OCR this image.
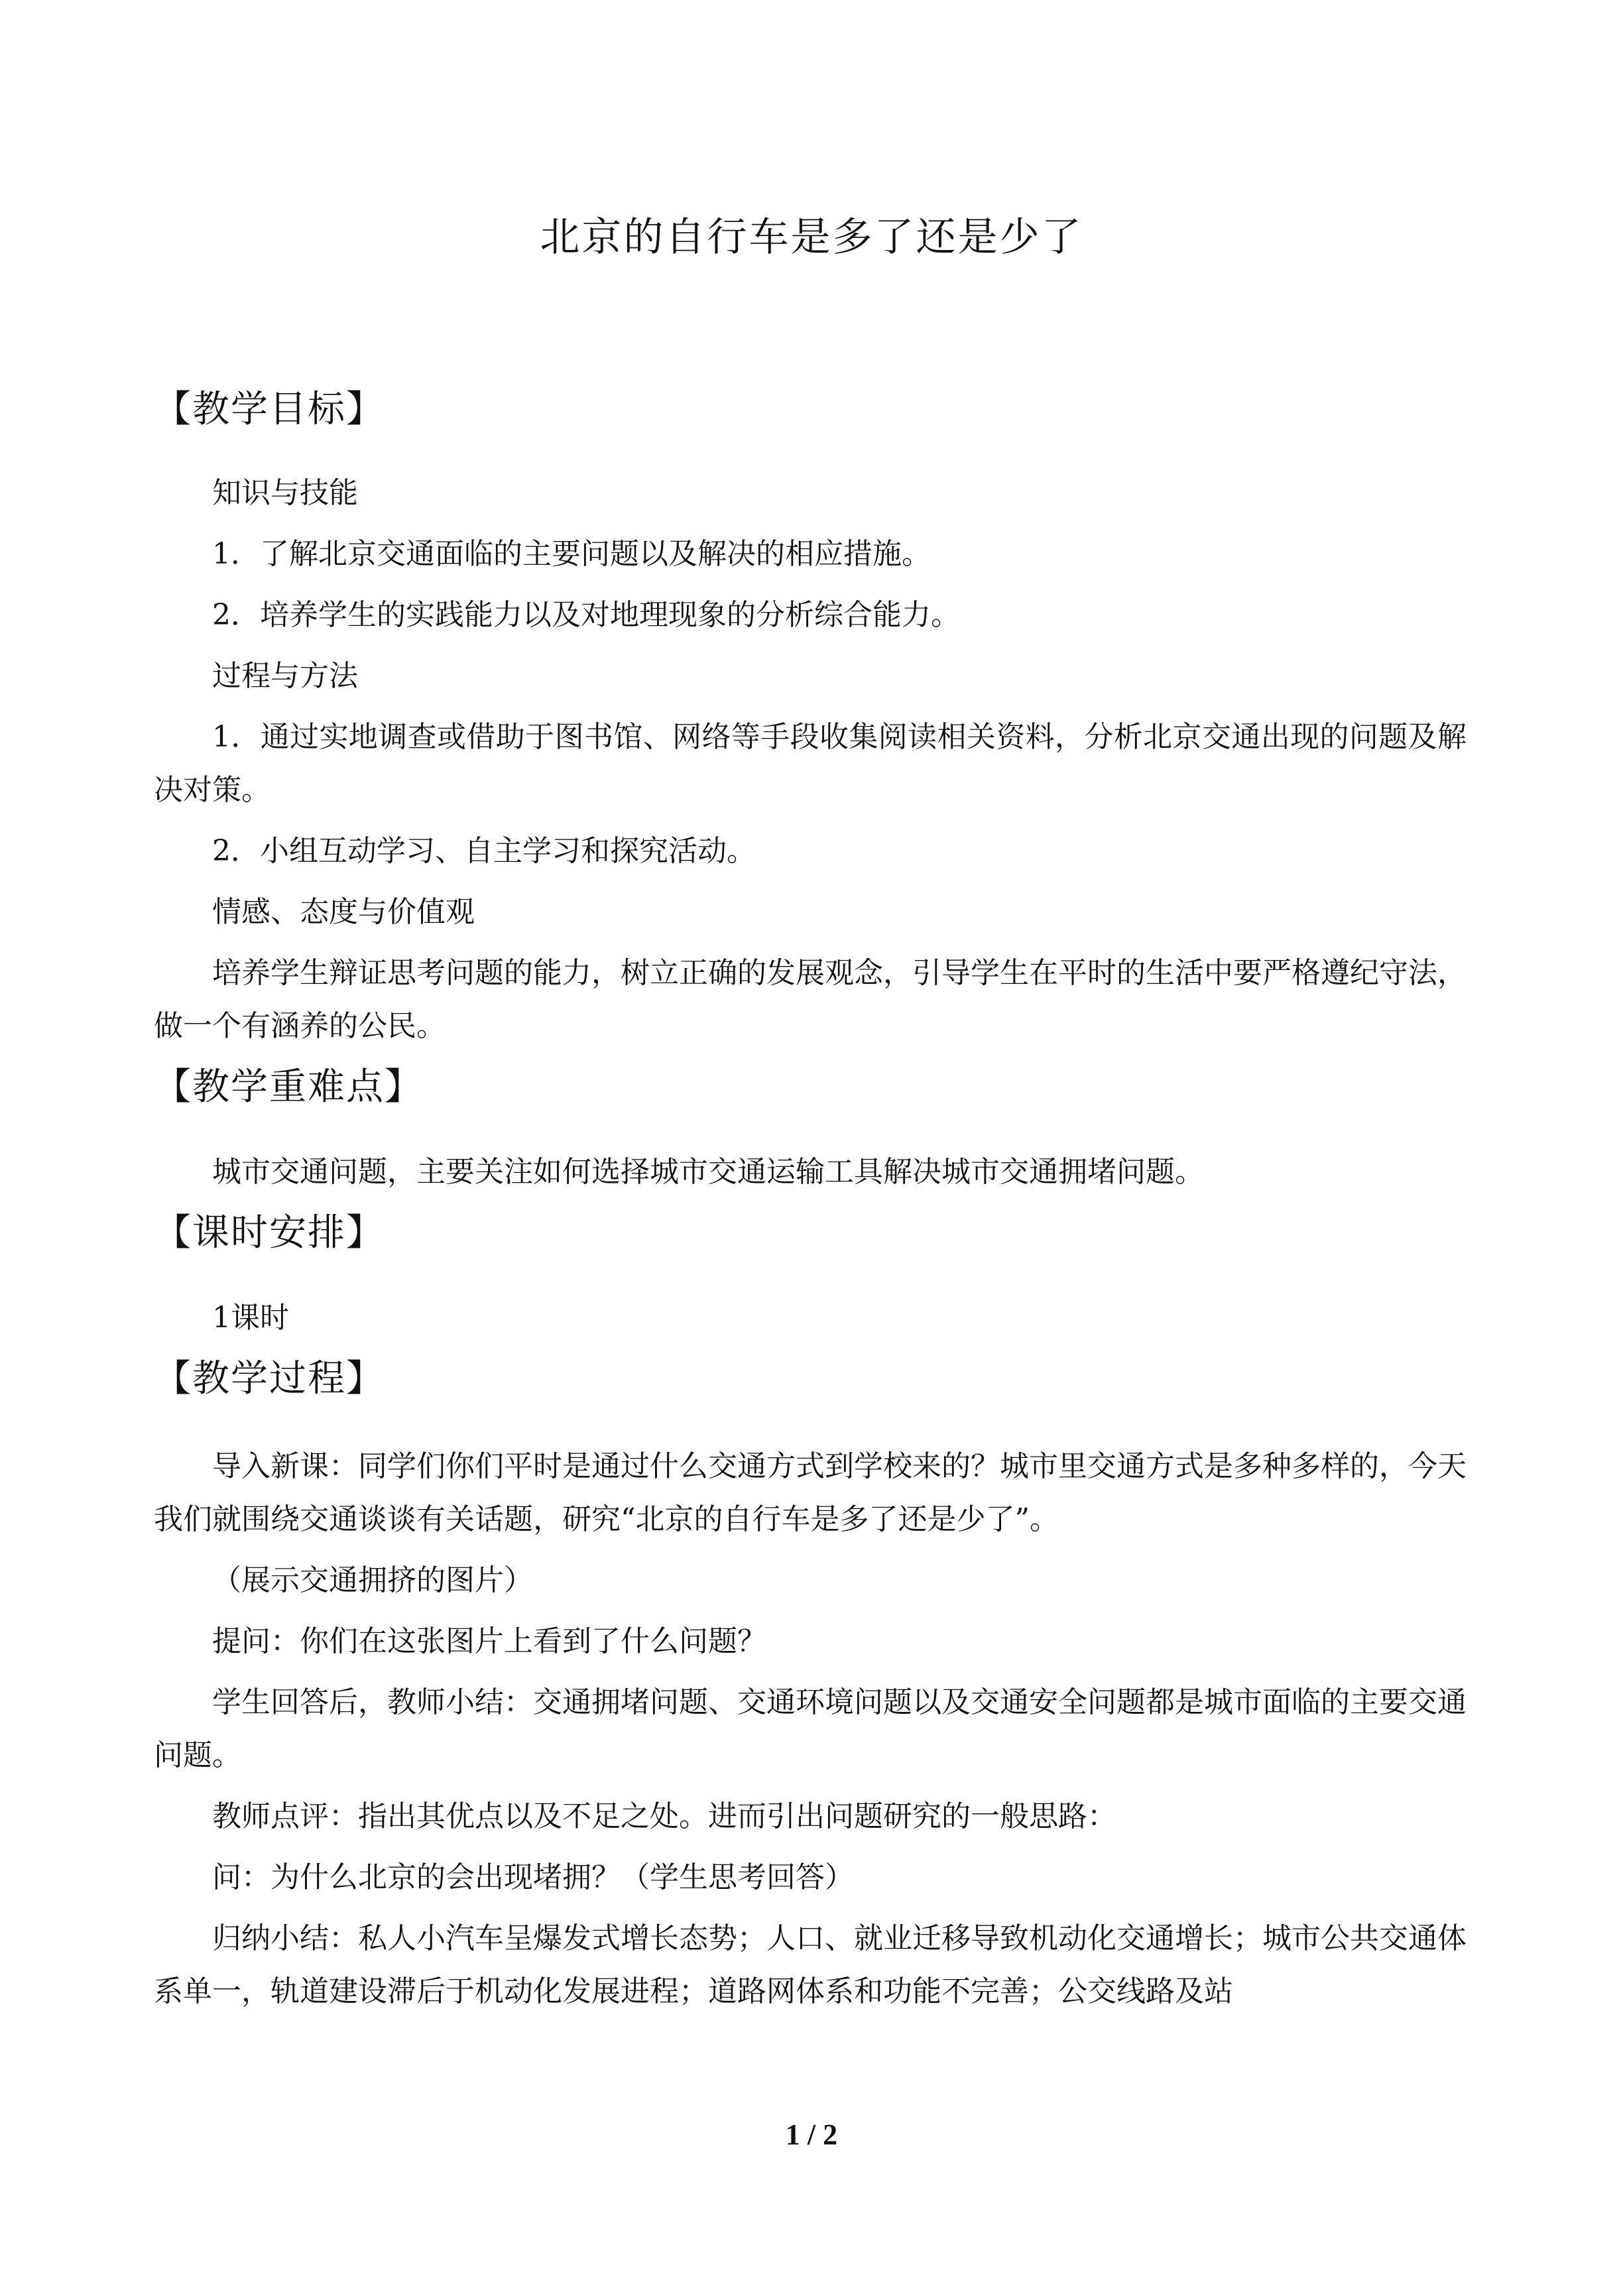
北京的自行车是多了还是少了
【教学目标】

知识与技能

1．了解北京交通面临的主要问题以及解决的相应措施。

2．培养学生的实践能力以及对地理现象的分析综合能力。

过程与方法

1．通过实地调查或借助于图书馆、网络等手段收集阅读相关资料，分析北京交通出现的问题及解决对策。

2．小组互动学习、自主学习和探究活动。

情感、态度与价值观

培养学生辩证思考问题的能力，树立正确的发展观念，引导学生在平时的生活中要严格遵纪守法，做一个有涵养的公民。

【教学重难点】

城市交通问题，主要关注如何选择城市交通运输工具解决城市交通拥堵问题。

【课时安排】

1课时

【教学过程】

导入新课：同学们你们平时是通过什么交通方式到学校来的？城市里交通方式是多种多样的，今天我们就围绕交通谈谈有关话题，研究“北京的自行车是多了还是少了”。

（展示交通拥挤的图片）

提问：你们在这张图片上看到了什么问题？

学生回答后，教师小结：交通拥堵问题、交通环境问题以及交通安全问题都是城市面临的主要交通问题。

教师点评：指出其优点以及不足之处。进而引出问题研究的一般思路：

问：为什么北京的会出现堵拥？（学生思考回答）

归纳小结：私人小汽车呈爆发式增长态势；人口、就业迁移导致机动化交通增长；城市公共交通体系单一，轨道建设滞后于机动化发展进程；道路网体系和功能不完善；公交线路及站

1 / 2
